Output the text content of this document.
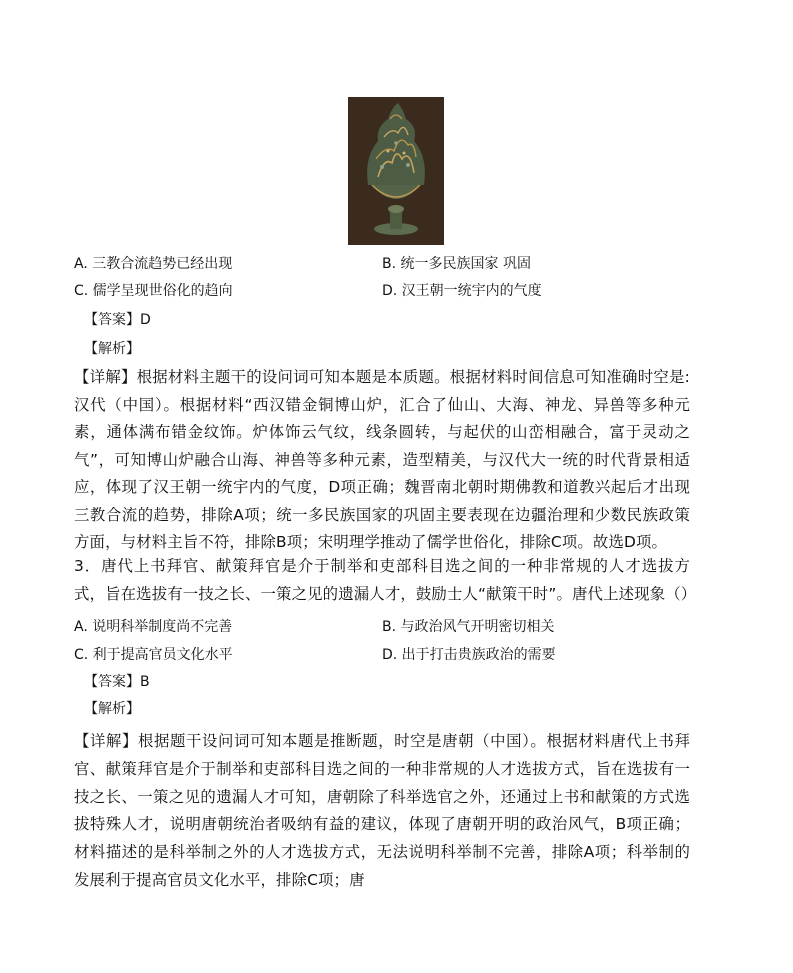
A. 三教合流趋势已经出现	B. 统一多民族国家 巩固
C. 儒学呈现世俗化的趋向	D. 汉王朝一统宇内的气度
【答案】D
【解析】
【详解】根据材料主题干的设问词可知本题是本质题。根据材料时间信息可知准确时空是: 汉代（中国）。根据材料“西汉错金铜博山炉，汇合了仙山、大海、神龙、异兽等多种元素，通体满布错金纹饰。炉体饰云气纹，线条圆转，与起伏的山峦相融合，富于灵动之气”，可知博山炉融合山海、神兽等多种元素，造型精美，与汉代大一统的时代背景相适应，体现了汉王朝一统宇内的气度，D项正确；魏晋南北朝时期佛教和道教兴起后才出现三教合流的趋势，排除A项；统一多民族国家的巩固主要表现在边疆治理和少数民族政策方面，与材料主旨不符，排除B项；宋明理学推动了儒学世俗化，排除C项。故选D项。
3．唐代上书拜官、献策拜官是介于制举和吏部科目选之间的一种非常规的人才选拔方式，旨在选拔有一技之长、一策之见的遗漏人才，鼓励士人“献策干时”。唐代上述现象（）
A. 说明科举制度尚不完善	B. 与政治风气开明密切相关
C. 利于提高官员文化水平	D. 出于打击贵族政治的需要
【答案】B
【解析】
【详解】根据题干设问词可知本题是推断题，时空是唐朝（中国）。根据材料唐代上书拜官、献策拜官是介于制举和吏部科目选之间的一种非常规的人才选拔方式，旨在选拔有一技之长、一策之见的遗漏人才可知，唐朝除了科举选官之外，还通过上书和献策的方式选拔特殊人才，说明唐朝统治者吸纳有益的建议，体现了唐朝开明的政治风气，B项正确；材料描述的是科举制之外的人才选拔方式，无法说明科举制不完善，排除A项；科举制的发展利于提高官员文化水平，排除C项；唐
